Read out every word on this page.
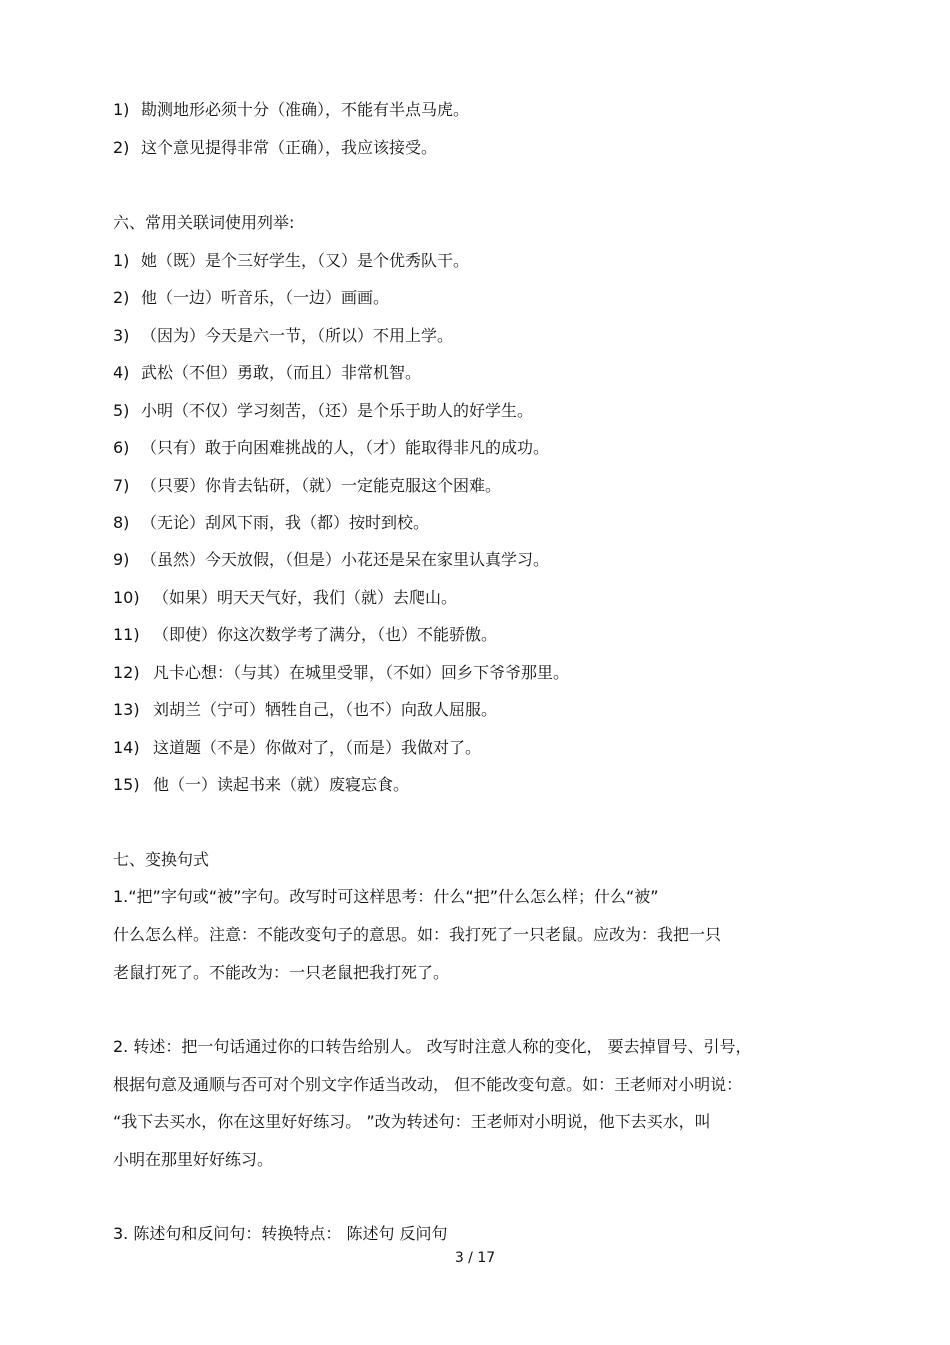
1) 勘测地形必须十分（准确），不能有半点马虎。
2) 这个意见提得非常（正确），我应该接受。
六、常用关联词使用列举:
1) 她（既）是个三好学生，（又）是个优秀队干。
2) 他（一边）听音乐，（一边）画画。
3) （因为）今天是六一节，（所以）不用上学。
4) 武松（不但）勇敢，（而且）非常机智。
5) 小明（不仅）学习刻苦，（还）是个乐于助人的好学生。
6) （只有）敢于向困难挑战的人，（才）能取得非凡的成功。
7) （只要）你肯去钻研，（就）一定能克服这个困难。
8) （无论）刮风下雨，我（都）按时到校。
9) （虽然）今天放假，（但是）小花还是呆在家里认真学习。
10) （如果）明天天气好，我们（就）去爬山。
11) （即使）你这次数学考了满分，（也）不能骄傲。
12) 凡卡心想：（与其）在城里受罪，（不如）回乡下爷爷那里。
13) 刘胡兰（宁可）牺牲自己，（也不）向敌人屈服。
14) 这道题（不是）你做对了，（而是）我做对了。
15) 他（一）读起书来（就）废寝忘食。
七、变换句式
1.“把”字句或“被”字句。改写时可这样思考：什么“把”什么怎么样；什么“被”
什么怎么样。注意：不能改变句子的意思。如：我打死了一只老鼠。应改为：我把一只
老鼠打死了。不能改为：一只老鼠把我打死了。
2. 转述：把一句话通过你的口转告给别人。 改写时注意人称的变化， 要去掉冒号、引号，
根据句意及通顺与否可对个别文字作适当改动， 但不能改变句意。如：王老师对小明说：
“我下去买水，你在这里好好练习。 ”改为转述句：王老师对小明说，他下去买水，叫
小明在那里好好练习。
3. 陈述句和反问句：转换特点： 陈述句 反问句
3 / 17
